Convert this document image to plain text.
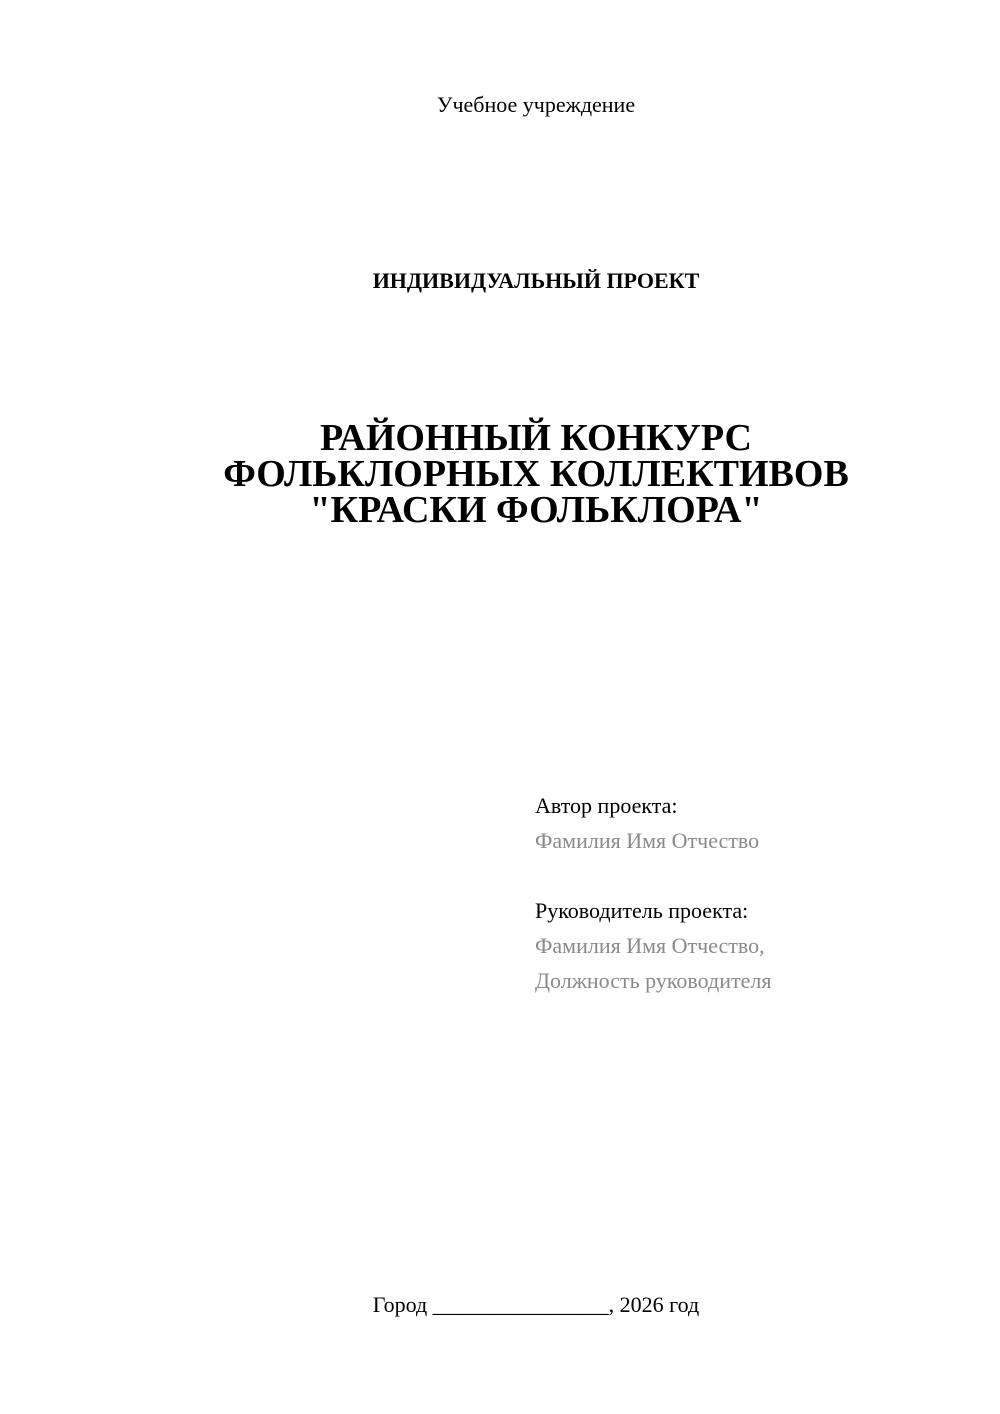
Учебное учреждение
ИНДИВИДУАЛЬНЫЙ ПРОЕКТ
РАЙОННЫЙ КОНКУРС
ФОЛЬКЛОРНЫХ КОЛЛЕКТИВОВ
"КРАСКИ ФОЛЬКЛОРА"
Автор проекта:
Фамилия Имя Отчество
Руководитель проекта:
Фамилия Имя Отчество,
Должность руководителя
Город ________________, 2026 год
